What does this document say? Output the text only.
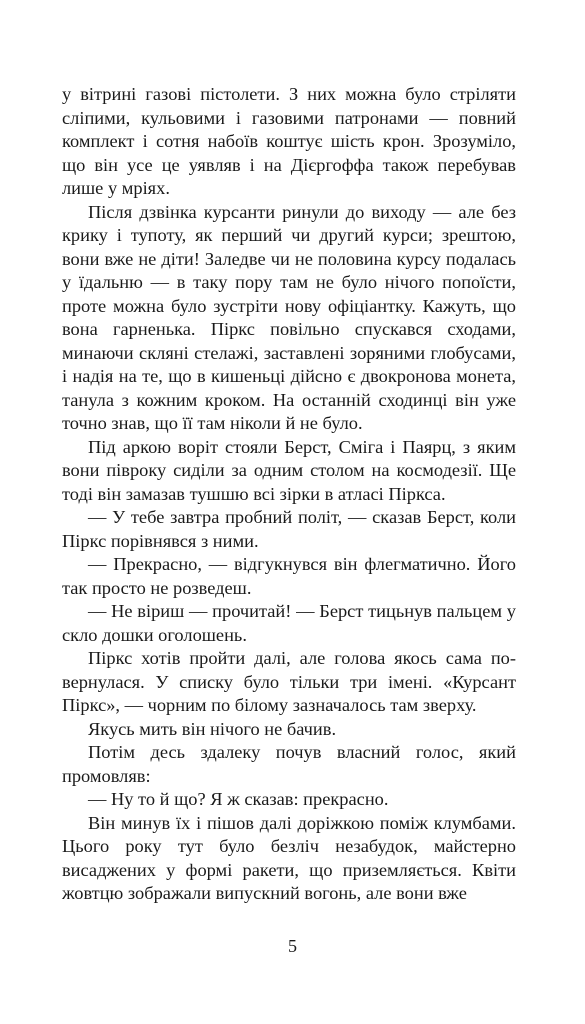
у вітрині газові пістолети. З них можна було стріляти сліпими, кульовими і газовими патронами — повний комплект і сотня набоїв коштує шість крон. Зрозуміло, що він усе це уявляв і на Дієргоффа також перебував лише у мріях.

Після дзвінка курсанти ринули до виходу — але без крику і тупоту, як перший чи другий курси; зрештою, вони вже не діти! Заледве чи не половина курсу подалась у їдальню — в таку пору там не було нічого попоїсти, проте можна було зустріти нову офіціантку. Кажуть, що вона гарненька. Піркс повільно спускався сходами, минаючи скляні стелажі, заставлені зоряними глобусами, і надія на те, що в кишеньці дійсно є двокронова монета, танула з кожним кроком. На останній сходинці він уже точно знав, що її там ніколи й не було.

Під аркою воріт стояли Берст, Сміга і Паярц, з яким вони півроку сиділи за одним столом на космодезії. Ще тоді він замазав тушшю всі зірки в атласі Піркса.

— У тебе завтра пробний політ, — сказав Берст, коли Піркс порівнявся з ними.

— Прекрасно, — відгукнувся він флегматично. Його так просто не розведеш.

— Не віриш — прочитай! — Берст тицьнув пальцем у скло дошки оголошень.

Піркс хотів пройти далі, але голова якось сама повернулася. У списку було тільки три імені. «Курсант Піркс», — чорним по білому зазначалось там зверху.

Якусь мить він нічого не бачив.

Потім десь здалеку почув власний голос, який промовляв:

— Ну то й що? Я ж сказав: прекрасно.

Він минув їх і пішов далі доріжкою поміж клумбами. Цього року тут було безліч незабудок, майстерно висаджених у формі ракети, що приземляється. Квіти жовтцю зображали випускний вогонь, але вони вже

5
